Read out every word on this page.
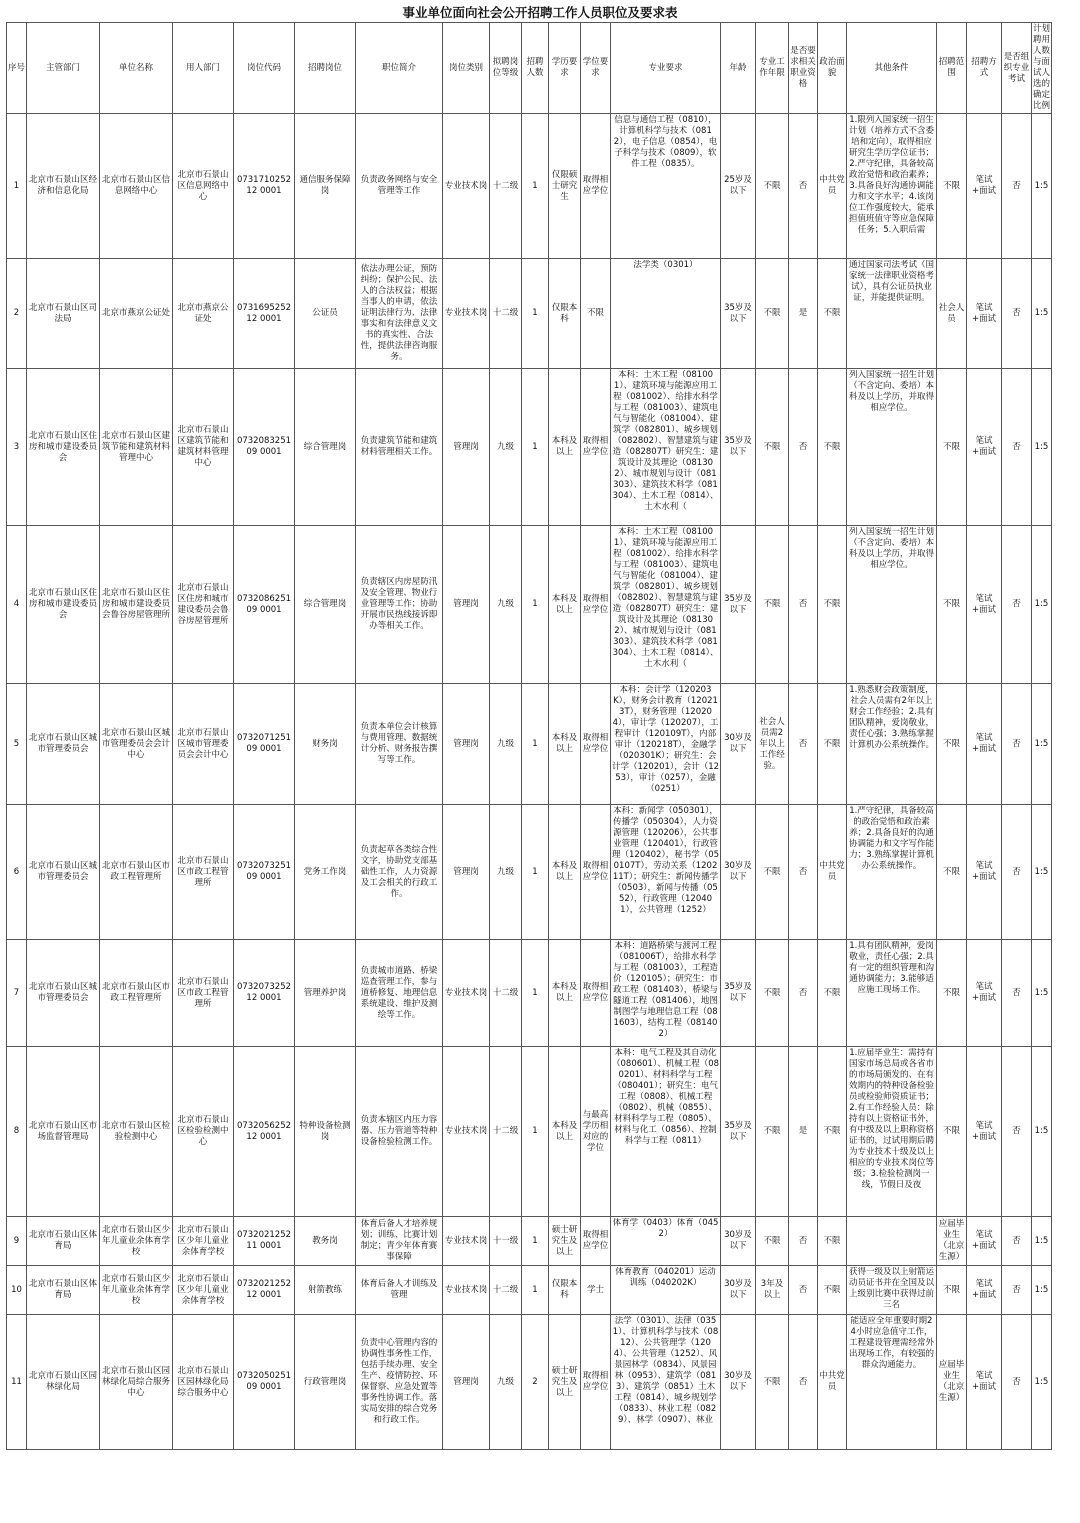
事业单位面向社会公开招聘工作人员职位及要求表
序号	主管部门	单位名称	用人部门	岗位代码	招聘岗位	职位简介	岗位类别	拟聘岗位等级	招聘人数	学历要求	学位要求	专业要求	年龄	专业工作年限	是否要求相关职业资格	政治面貌	其他条件	招聘范围	招聘方式	是否组织专业考试	计划聘用人数与面试人选的确定比例
1	北京市石景山区经济和信息化局	北京市石景山区信息网络中心	北京市石景山区信息网络中心	073171025212 0001	通信服务保障岗	负责政务网络与安全管理等工作	专业技术岗	十二级	1	仅限硕士研究生	取得相应学位	信息与通信工程（0810），计算机科学与技术（0812），电子信息（0854），电子科学与技术（0809），软件工程（0835）。	25岁及以下	不限	否	中共党员	1.限列入国家统一招生计划（培养方式不含委培和定向），取得相应研究生学历学位证书；2.严守纪律，具备较高政治觉悟和政治素养；3.具备良好沟通协调能力和文字水平；4.该岗位工作强度较大，能承担值班值守等应急保障任务；5.入职后需	不限	笔试+面试	否	1:5
2	北京市石景山区司法局	北京市燕京公证处	北京市燕京公证处	073169525212 0001	公证员	依法办理公证，预防纠纷；保护公民、法人的合法权益；根据当事人的申请，依法证明法律行为、法律事实和有法律意义文书的真实性、合法性，提供法律咨询服务。	专业技术岗	十二级	1	仅限本科	不限	法学类（0301）	35岁及以下	不限	是	不限	通过国家司法考试（国家统一法律职业资格考试），具有公证员执业证，并能提供证明。	社会人员	笔试+面试	否	1:5
3	北京市石景山区住房和城市建设委员会	北京市石景山区建筑节能和建筑材料管理中心	北京市石景山区建筑节能和建筑材料管理中心	073208325109 0001	综合管理岗	负责建筑节能和建筑材料管理相关工作。	管理岗	九级	1	本科及以上	取得相应学位	本科：土木工程（081001）、建筑环境与能源应用工程（081002）、给排水科学与工程（081003）、建筑电气与智能化（081004）、建筑学（082801）、城乡规划（082802）、智慧建筑与建造（082807T）研究生：建筑设计及其理论（081302）、城市规划与设计（081303）、建筑技术科学（081304）、土木工程（0814）、土木水利（	35岁及以下	不限	否	不限	列入国家统一招生计划（不含定向、委培）本科及以上学历，并取得相应学位。	不限	笔试+面试	否	1:5
4	北京市石景山区住房和城市建设委员会	北京市石景山区住房和城市建设委员会鲁谷房屋管理所	北京市石景山区住房和城市建设委员会鲁谷房屋管理所	073208625109 0001	综合管理岗	负责辖区内房屋防汛及安全管理、物业行业管理等工作；协助开展市民热线接诉即办等相关工作。	管理岗	九级	1	本科及以上	取得相应学位	本科：土木工程（081001）、建筑环境与能源应用工程（081002）、给排水科学与工程（081003）、建筑电气与智能化（081004）、建筑学（082801）、城乡规划（082802）、智慧建筑与建造（082807T）研究生：建筑设计及其理论（081302）、城市规划与设计（081303）、建筑技术科学（081304）、土木工程（0814）、土木水利（	35岁及以下	不限	否	不限	列入国家统一招生计划（不含定向、委培）本科及以上学历，并取得相应学位。	不限	笔试+面试	否	1:5
5	北京市石景山区城市管理委员会	北京市石景山区城市管理委员会会计中心	北京市石景山区城市管理委员会会计中心	073207125109 0001	财务岗	负责本单位会计核算与费用管理、数据统计分析、财务报告撰写等工作。	管理岗	九级	1	本科及以上	取得相应学位	本科：会计学（120203K），财务会计教育（120213T），财务管理（120204），审计学（120207），工程审计（120109T），内部审计（120218T），金融学（020301K）；研究生：会计学（120201），会计（1253），审计（0257），金融（0251）	30岁及以下	社会人员需2年以上工作经验。	否	不限	1.熟悉财会政策制度，社会人员需有2年以上财会工作经验；2.具有团队精神，爱岗敬业，责任心强；3.熟练掌握计算机办公系统操作。	不限	笔试+面试	否	1:5
6	北京市石景山区城市管理委员会	北京市石景山区市政工程管理所	北京市石景山区市政工程管理所	073207325109 0001	党务工作岗	负责起草各类综合性文字，协助党支部基础性工作，人力资源及工会相关的行政工作。	管理岗	九级	1	本科及以上	取得相应学位	本科：新闻学（050301），传播学（050304），人力资源管理（120206），公共事业管理（120401），行政管理（120402），秘书学（050107T），劳动关系（120211T）；研究生：新闻传播学（0503），新闻与传播（0552），行政管理（120401），公共管理（1252）	30岁及以下	不限	否	中共党员	1.严守纪律，具备较高的政治觉悟和政治素养；2.具备良好的沟通协调能力和文字写作能力；3.熟练掌握计算机办公系统操作。	不限	笔试+面试	否	1:5
7	北京市石景山区城市管理委员会	北京市石景山区市政工程管理所	北京市石景山区市政工程管理所	073207325212 0001	管理养护岗	负责城市道路、桥梁巡查管理工作，参与道桥修复、地理信息系统建设、维护及测绘等工作。	专业技术岗	十二级	1	本科及以上	取得相应学位	本科：道路桥梁与渡河工程（081006T），给排水科学与工程（081003），工程造价（120105）；研究生：市政工程（081403），桥梁与隧道工程（081406），地图制图学与地理信息工程（081603），结构工程（081402）	35岁及以下	不限	否	不限	1.具有团队精神，爱岗敬业，责任心强；2.具有一定的组织管理和沟通协调能力；3.能够适应施工现场工作。	不限	笔试+面试	否	1:5
8	北京市石景山区市场监督管理局	北京市石景山区检验检测中心	北京市石景山区检验检测中心	073205625212 0001	特种设备检测岗	负责本辖区内压力容器、压力管道等特种设备检验检测工作。	专业技术岗	十二级	1	本科及以上	与最高学历相对应的学位	本科：电气工程及其自动化（080601）、机械工程（080201）、材料科学与工程（080401）；研究生：电气工程（0808）、机械工程（0802）、机械（0855）、材料科学与工程（0805）、材料与化工（0856）、控制科学与工程（0811）	35岁及以下	不限	是	不限	1.应届毕业生：需持有国家市场总局或各省市的市场局颁发的、在有效期内的特种设备检验员或检验师资质证书；2.有工作经验人员：除持有以上资格证书外，有中级及以上职称资格证书的，过试用期后聘为专业技术十级及以上相应的专业技术岗位等级；3.检验检测岗一线，节假日及夜	不限	笔试+面试	否	1:5
9	北京市石景山区体育局	北京市石景山区少年儿童业余体育学校	北京市石景山区少年儿童业余体育学校	073202125211 0001	教务岗	体育后备人才培养规划；训练、比赛计划制定；青少年体育赛事保障	专业技术岗	十一级	1	硕士研究生及以上	取得相应学位	体育学（0403）体育（0452）	30岁及以下	不限	否	不限		应届毕业生（北京生源）	笔试+面试	否	1:5
10	北京市石景山区体育局	北京市石景山区少年儿童业余体育学校	北京市石景山区少年儿童业余体育学校	073202125212 0001	射箭教练	体育后备人才训练及管理	专业技术岗	十二级	1	仅限本科	学士	体育教育（040201）运动训练（040202K）	30岁及以下	3年及以上	否	不限	获得一级及以上射箭运动员证书并在全国及以上级别比赛中获得过前三名	不限	笔试+面试	否	1:5
11	北京市石景山区园林绿化局	北京市石景山区园林绿化局综合服务中心	北京市石景山区园林绿化局综合服务中心	073205025109 0001	行政管理岗	负责中心管理内容的协调性事务性工作，包括手续办理、安全生产、疫情防控、环保督察、应急处置等事务性协调工作。落实局安排的综合党务和行政工作。	管理岗	九级	2	硕士研究生及以上	取得相应学位	法学（0301）、法律（0351）、计算机科学与技术（0812）、公共管理学（1204）、公共管理（1252）、风景园林学（0834）、风景园林（0953）、建筑学（0813）、建筑学（0851）土木工程（0814）、城乡规划学（0833）、林业工程（0829）、林学（0907）、林业	30岁及以下	不限	否	中共党员	能适应全年重要时期24小时应急值守工作，工程建设管理需经常外出现场工作，有较强的群众沟通能力。	应届毕业生（北京生源）	笔试+面试	否	1:5
